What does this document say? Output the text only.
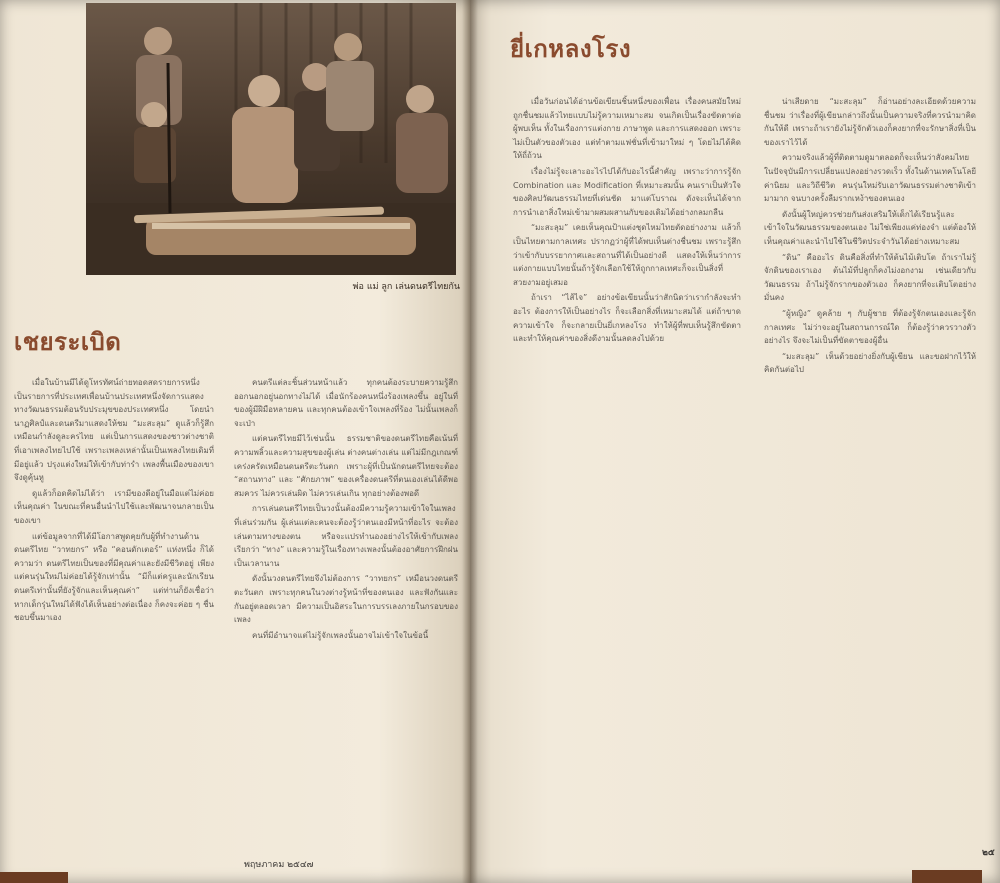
พ่อ แม่ ลูก เล่นดนตรีไทยกัน
เชยระเบิด

เมื่อในบ้านมีได้ดูโทรทัศน์ถ่ายทอดสดรายการหนึ่ง เป็นรายการที่ประเทศเพื่อนบ้านประเทศหนึ่งจัดการแสดงทางวัฒนธรรมต้อนรับประมุขของประเทศหนึ่ง โดยนำนาฏศิลป์และดนตรีมาแสดงให้ชม “มะสะลุม” ดูแล้วก็รู้สึกเหมือนกำลังดูละครไทย แต่เป็นการแสดงของชาวต่างชาติที่เอาเพลงไทยไปใช้ เพราะเพลงเหล่านั้นเป็นเพลงไทยเดิมที่มีอยู่แล้ว ปรุงแต่งใหม่ให้เข้ากับท่ารำ เพลงพื้นเมืองของเขาจึงดูคุ้นหู

ดูแล้วก็อดคิดไม่ได้ว่า เรามีของดีอยู่ในมือแต่ไม่ค่อยเห็นคุณค่า ในขณะที่คนอื่นนำไปใช้และพัฒนาจนกลายเป็นของเขา

แต่ข้อมูลจากที่ได้มีโอกาสพูดคุยกับผู้ที่ทำงานด้านดนตรีไทย “วาทยกร” หรือ “คอนดักเตอร์” แห่งหนึ่ง ก็ได้ความว่า ดนตรีไทยเป็นของที่มีคุณค่าและยังมีชีวิตอยู่ เพียงแต่คนรุ่นใหม่ไม่ค่อยได้รู้จักเท่านั้น “มีก็แต่ครูและนักเรียนดนตรีเท่านั้นที่ยังรู้จักและเห็นคุณค่า” แต่ท่านก็ยังเชื่อว่า หากเด็กรุ่นใหม่ได้ฟังได้เห็นอย่างต่อเนื่อง ก็คงจะค่อย ๆ ชื่นชอบขึ้นมาเอง

คนตรีแต่ละชิ้นส่วนหน้าแล้ว ทุกคนต้องระบายความรู้สึก ออกนอกอยู่นอกทางไม่ได้ เมื่อนักร้องคนหนึ่งร้องเพลงขึ้น อยู่ในที่ของผู้มีฝีมือหลายคน และทุกคนต้องเข้าใจเพลงที่ร้อง ไม่นั้นเพลงก็จะเป่า

แต่คนตรีไทยมีไว้เช่นนั้น ธรรมชาติของดนตรีไทยคือเน้นที่ความพลิ้วและความสุขของผู้เล่น ต่างคนต่างเล่น แต่ไม่มีกฎเกณฑ์เคร่งครัดเหมือนดนตรีตะวันตก เพราะผู้ที่เป็นนักดนตรีไทยจะต้อง “สถานทาง” และ “ศักยภาพ” ของเครื่องดนตรีที่ตนเองเล่นได้ดีพอสมควร ไม่ควรเล่นผิด ไม่ควรเล่นเกิน ทุกอย่างต้องพอดี

การเล่นดนตรีไทยเป็นวงนั้นต้องมีความรู้ความเข้าใจในเพลงที่เล่นร่วมกัน ผู้เล่นแต่ละคนจะต้องรู้ว่าตนเองมีหน้าที่อะไร จะต้องเล่นตามทางของตน หรือจะแปรทำนองอย่างไรให้เข้ากับเพลง เรียกว่า “ทาง” และความรู้ในเรื่องทางเพลงนั้นต้องอาศัยการฝึกฝนเป็นเวลานาน

ดังนั้นวงดนตรีไทยจึงไม่ต้องการ “วาทยกร” เหมือนวงดนตรีตะวันตก เพราะทุกคนในวงต่างรู้หน้าที่ของตนเอง และฟังกันและกันอยู่ตลอดเวลา มีความเป็นอิสระในการบรรเลงภายในกรอบของเพลง

คนที่มีอำนาจแต่ไม่รู้จักเพลงนั้นอาจไม่เข้าใจในข้อนี้

พฤษภาคม ๒๕๔๗
ยี่เกหลงโรง

เมื่อวันก่อนได้อ่านข้อเขียนชิ้นหนึ่งของเพื่อน เรื่องคนสมัยใหม่ถูกชื่นชมแล้วไทยแบบไม่รู้ความเหมาะสม จนเกิดเป็นเรื่องขัดตาต่อผู้พบเห็น ทั้งในเรื่องการแต่งกาย ภาษาพูด และการแสดงออก เพราะไม่เป็นตัวของตัวเอง แต่ทำตามแฟชั่นที่เข้ามาใหม่ ๆ โดยไม่ได้คิดให้ถี่ถ้วน

เรื่องไม่รู้จะเลาะอะไรไปได้กับอะไรนี้สำคัญ เพราะว่าการรู้จัก Combination และ Modification ที่เหมาะสมนั้น คนเราเป็นหัวใจของศิลปวัฒนธรรมไทยที่เด่นชัด มาแต่โบราณ ดังจะเห็นได้จากการนำเอาสิ่งใหม่เข้ามาผสมผสานกับของเดิมได้อย่างกลมกลืน

“มะสะลุม” เคยเห็นคุณป้าแต่งชุดไหมไทยตัดอย่างงาม แล้วก็เป็นไทยตามกาลเทศะ ปรากฏว่าผู้ที่ได้พบเห็นต่างชื่นชม เพราะรู้สึกว่าเข้ากับบรรยากาศและสถานที่ได้เป็นอย่างดี แสดงให้เห็นว่าการแต่งกายแบบไทยนั้นถ้ารู้จักเลือกใช้ให้ถูกกาลเทศะก็จะเป็นสิ่งที่สวยงามอยู่เสมอ

ถ้าเรา “ไส้ไจ” อย่างข้อเขียนนั้นว่าสักนิดว่าเรากำลังจะทำอะไร ต้องการให้เป็นอย่างไร ก็จะเลือกสิ่งที่เหมาะสมได้ แต่ถ้าขาดความเข้าใจ ก็จะกลายเป็นยี่เกหลงโรง ทำให้ผู้ที่พบเห็นรู้สึกขัดตา และทำให้คุณค่าของสิ่งดีงามนั้นลดลงไปด้วย

น่าเสียดาย “มะสะลุม” ก็อ่านอย่างละเอียดด้วยความชื่นชม ว่าเรื่องที่ผู้เขียนกล่าวถึงนั้นเป็นความจริงที่ควรนำมาคิดกันให้ดี เพราะถ้าเรายังไม่รู้จักตัวเองก็คงยากที่จะรักษาสิ่งที่เป็นของเราไว้ได้

ความจริงแล้วผู้ที่ติดตามดูมาตลอดก็จะเห็นว่าสังคมไทยในปัจจุบันมีการเปลี่ยนแปลงอย่างรวดเร็ว ทั้งในด้านเทคโนโลยี ค่านิยม และวิถีชีวิต คนรุ่นใหม่รับเอาวัฒนธรรมต่างชาติเข้ามามาก จนบางครั้งลืมรากเหง้าของตนเอง

ดังนั้นผู้ใหญ่ควรช่วยกันส่งเสริมให้เด็กได้เรียนรู้และเข้าใจในวัฒนธรรมของตนเอง ไม่ใช่เพียงแค่ท่องจำ แต่ต้องให้เห็นคุณค่าและนำไปใช้ในชีวิตประจำวันได้อย่างเหมาะสม

“ดิน” คืออะไร ดินคือสิ่งที่ทำให้ต้นไม้เติบโต ถ้าเราไม่รู้จักดินของเราเอง ต้นไม้ที่ปลูกก็คงไม่งอกงาม เช่นเดียวกับวัฒนธรรม ถ้าไม่รู้จักรากของตัวเอง ก็คงยากที่จะเติบโตอย่างมั่นคง

“ผู้หญิง” ดูคล้าย ๆ กับผู้ชาย ที่ต้องรู้จักตนเองและรู้จักกาลเทศะ ไม่ว่าจะอยู่ในสถานการณ์ใด ก็ต้องรู้ว่าควรวางตัวอย่างไร จึงจะไม่เป็นที่ขัดตาของผู้อื่น

“มะสะลุม” เห็นด้วยอย่างยิ่งกับผู้เขียน และขอฝากไว้ให้คิดกันต่อไป

๒๕
